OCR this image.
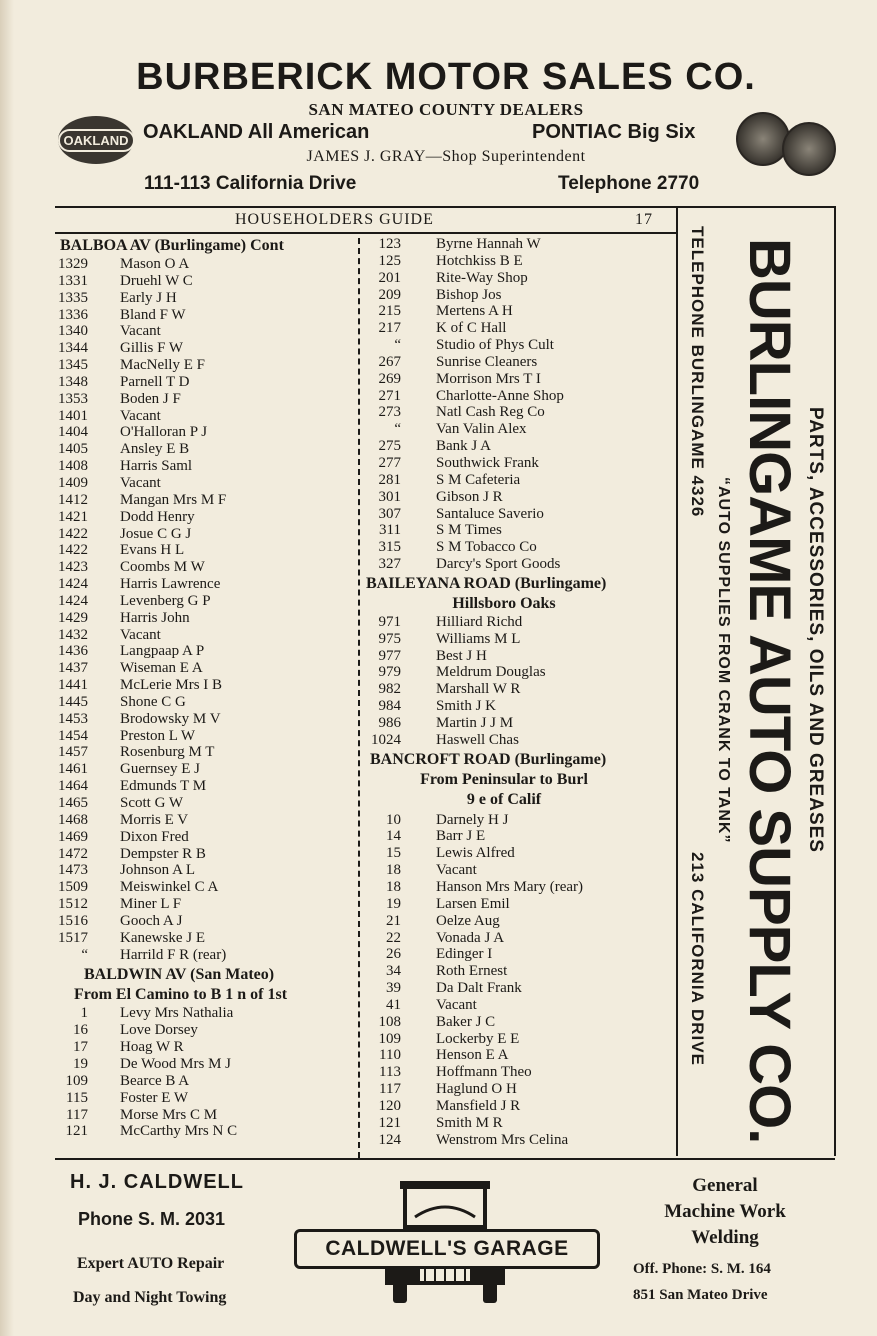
BURBERICK MOTOR SALES CO.
SAN MATEO COUNTY DEALERS
OAKLAND OAKLAND All American	PONTIAC Big Six
JAMES J. GRAY—Shop Superintendent
111-113 California Drive	Telephone 2770
HOUSEHOLDERS GUIDE	17
BALBOA AV (Burlingame) Cont
1329 Mason O A
1331 Druehl W C
1335 Early J H
1336 Bland F W
1340 Vacant
1344 Gillis F W
1345 MacNelly E F
1348 Parnell T D
1353 Boden J F
1401 Vacant
1404 O'Halloran P J
1405 Ansley E B
1408 Harris Saml
1409 Vacant
1412 Mangan Mrs M F
1421 Dodd Henry
1422 Josue C G J
1422 Evans H L
1423 Coombs M W
1424 Harris Lawrence
1424 Levenberg G P
1429 Harris John
1432 Vacant
1436 Langpaap A P
1437 Wiseman E A
1441 McLerie Mrs I B
1445 Shone C G
1453 Brodowsky M V
1454 Preston L W
1457 Rosenburg M T
1461 Guernsey E J
1464 Edmunds T M
1465 Scott G W
1468 Morris E V
1469 Dixon Fred
1472 Dempster R B
1473 Johnson A L
1509 Meiswinkel C A
1512 Miner L F
1516 Gooch A J
1517 Kanewske J E
“ Harrild F R (rear)
BALDWIN AV (San Mateo)
From El Camino to B 1 n of 1st
1 Levy Mrs Nathalia
16 Love Dorsey
17 Hoag W R
19 De Wood Mrs M J
109 Bearce B A
115 Foster E W
117 Morse Mrs C M
121 McCarthy Mrs N C
123 Byrne Hannah W
125 Hotchkiss B E
201 Rite-Way Shop
209 Bishop Jos
215 Mertens A H
217 K of C Hall
“ Studio of Phys Cult
267 Sunrise Cleaners
269 Morrison Mrs T I
271 Charlotte-Anne Shop
273 Natl Cash Reg Co
“ Van Valin Alex
275 Bank J A
277 Southwick Frank
281 S M Cafeteria
301 Gibson J R
307 Santaluce Saverio
311 S M Times
315 S M Tobacco Co
327 Darcy's Sport Goods
BAILEYANA ROAD (Burlingame)
Hillsboro Oaks
971 Hilliard Richd
975 Williams M L
977 Best J H
979 Meldrum Douglas
982 Marshall W R
984 Smith J K
986 Martin J J M
1024 Haswell Chas
BANCROFT ROAD (Burlingame)
From Peninsular to Burl
9 e of Calif
10 Darnely H J
14 Barr J E
15 Lewis Alfred
18 Vacant
18 Hanson Mrs Mary (rear)
19 Larsen Emil
21 Oelze Aug
22 Vonada J A
26 Edinger I
34 Roth Ernest
39 Da Dalt Frank
41 Vacant
108 Baker J C
109 Lockerby E E
110 Henson E A
113 Hoffmann Theo
117 Haglund O H
120 Mansfield J R
121 Smith M R
124 Wenstrom Mrs Celina
PARTS, ACCESSORIES, OILS AND GREASES
BURLINGAME AUTO SUPPLY CO.
“AUTO SUPPLIES FROM CRANK TO TANK”
TELEPHONE BURLINGAME 4326
213 CALIFORNIA DRIVE
H. J. CALDWELL
Phone S. M. 2031
Expert AUTO Repair
Day and Night Towing
CALDWELL'S GARAGE
General
Machine Work
Welding
Off. Phone: S. M. 164
851 San Mateo Drive
